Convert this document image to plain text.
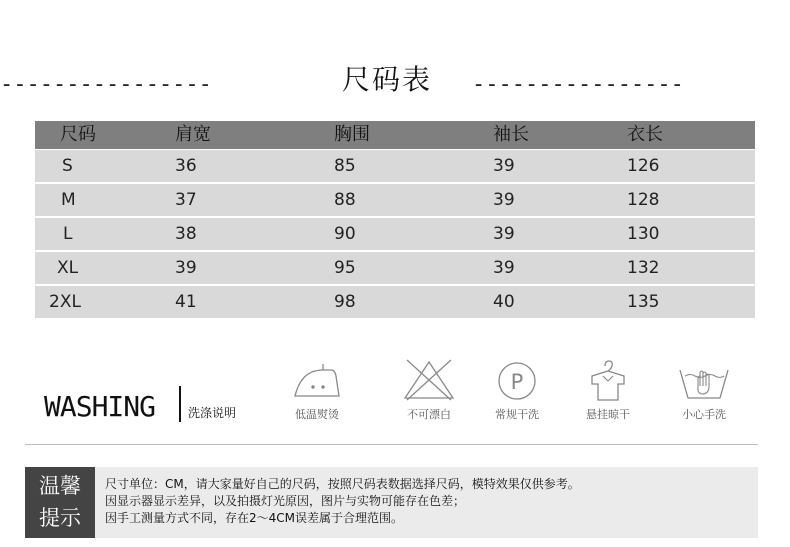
----------------	尺码表 ----------------
尺码	肩宽	胸围	袖长	衣长
S	36	85	39	126
M	37	88	39	128
L	38	90	39	130
XL	39	95	39	132
2XL	41	98	40	135
WASHING	洗涤说明	低温熨烫	不可漂白
P
常规干洗	悬挂晾干	小心手洗
温馨
提示
尺寸单位：CM，请大家量好自己的尺码，按照尺码表数据选择尺码，模特效果仅供参考。
因显示器显示差异，以及拍摄灯光原因，图片与实物可能存在色差；
因手工测量方式不同，存在2～4CM误差属于合理范围。
